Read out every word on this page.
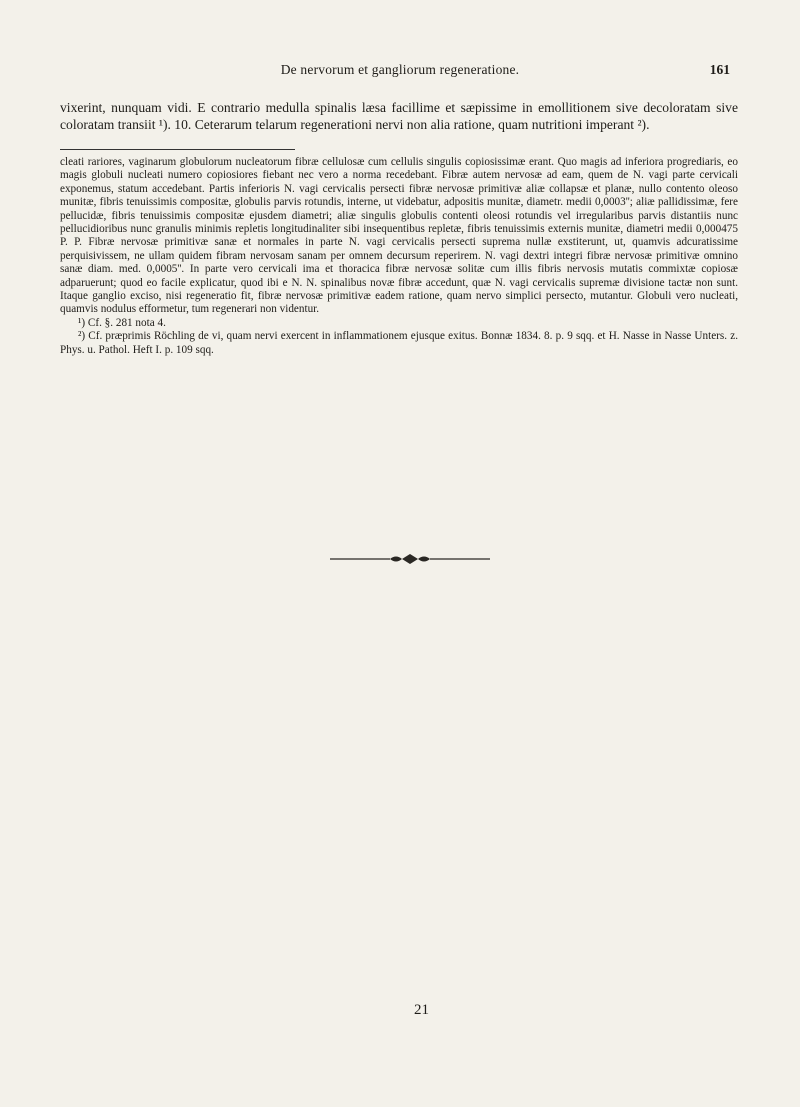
De nervorum et gangliorum regeneratione.	161

vixerint, nunquam vidi. E contrario medulla spinalis læsa facillime et sæpissime in emollitionem sive decoloratam sive coloratam transiit ¹). 10. Ceterarum telarum regenerationi nervi non alia ratione, quam nutritioni imperant ²).

cleati rariores, vaginarum globulorum nucleatorum fibræ cellulosæ cum cellulis singulis copiosissimæ erant. Quo magis ad inferiora progrediaris, eo magis globuli nucleati numero copiosiores fiebant nec vero a norma recedebant. Fibræ autem nervosæ ad eam, quem de N. vagi parte cervicali exponemus, statum accedebant. Partis inferioris N. vagi cervicalis persecti fibræ nervosæ primitivæ aliæ collapsæ et planæ, nullo contento oleoso munitæ, fibris tenuissimis compositæ, globulis parvis rotundis, interne, ut videbatur, adpositis munitæ, diametr. medii 0,0003''; aliæ pallidissimæ, fere pellucidæ, fibris tenuissimis compositæ ejusdem diametri; aliæ singulis globulis contenti oleosi rotundis vel irregularibus parvis distantiis nunc pellucidioribus nunc granulis minimis repletis longitudinaliter sibi insequentibus repletæ, fibris tenuissimis externis munitæ, diametri medii 0,000475 P. P. Fibræ nervosæ primitivæ sanæ et normales in parte N. vagi cervicalis persecti suprema nullæ exstiterunt, ut, quamvis adcuratissime perquisivissem, ne ullam quidem fibram nervosam sanam per omnem decursum reperirem. N. vagi dextri integri fibræ nervosæ primitivæ omnino sanæ diam. med. 0,0005''. In parte vero cervicali ima et thoracica fibræ nervosæ solitæ cum illis fibris nervosis mutatis commixtæ copiosæ adparuerunt; quod eo facile explicatur, quod ibi e N. N. spinalibus novæ fibræ accedunt, quæ N. vagi cervicalis supremæ divisione tactæ non sunt. Itaque ganglio exciso, nisi regeneratio fit, fibræ nervosæ primitivæ eadem ratione, quam nervo simplici persecto, mutantur. Globuli vero nucleati, quamvis nodulus efformetur, tum regenerari non videntur.

¹) Cf. §. 281 nota 4.

²) Cf. præprimis Röchling de vi, quam nervi exercent in inflammationem ejusque exitus. Bonnæ 1834. 8. p. 9 sqq. et H. Nasse in Nasse Unters. z. Phys. u. Pathol. Heft I. p. 109 sqq.

21
